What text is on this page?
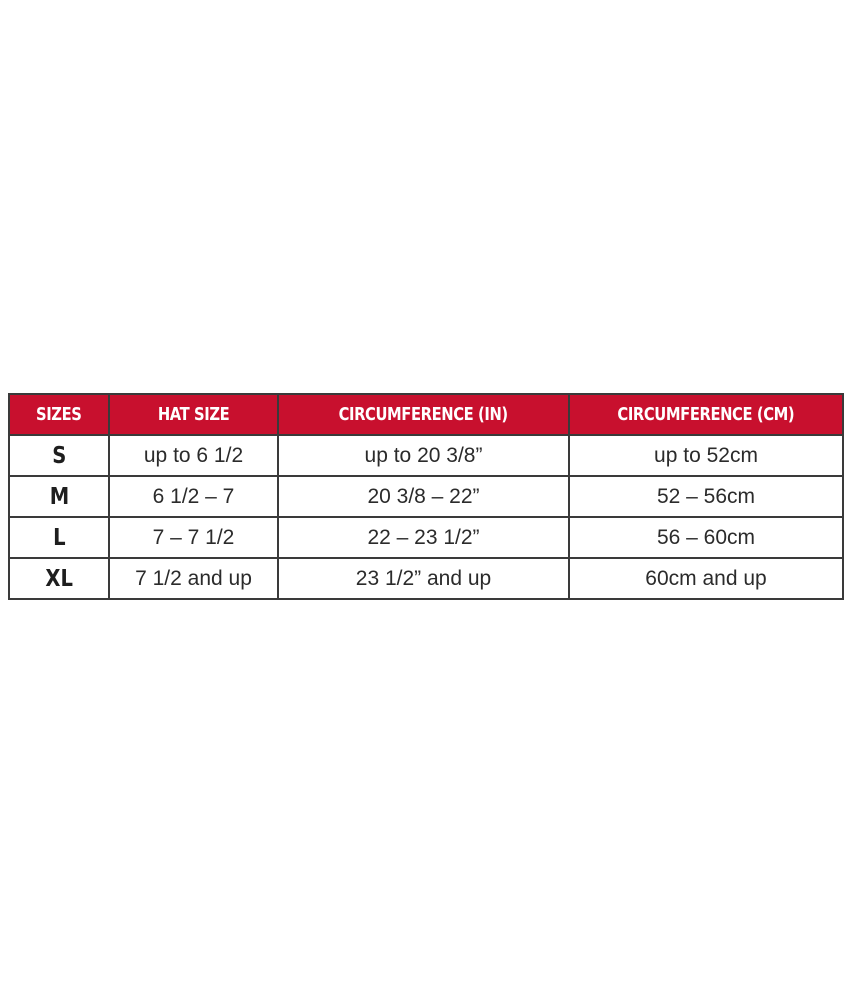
SIZES	HAT SIZE	CIRCUMFERENCE (IN)	CIRCUMFERENCE (CM)
S	up to 6 1/2	up to 20 3/8”	up to 52cm
M	6 1/2 – 7	20 3/8 – 22”	52 – 56cm
L	7 – 7 1/2	22 – 23 1/2”	56 – 60cm
XL	7 1/2 and up	23 1/2” and up	60cm and up
